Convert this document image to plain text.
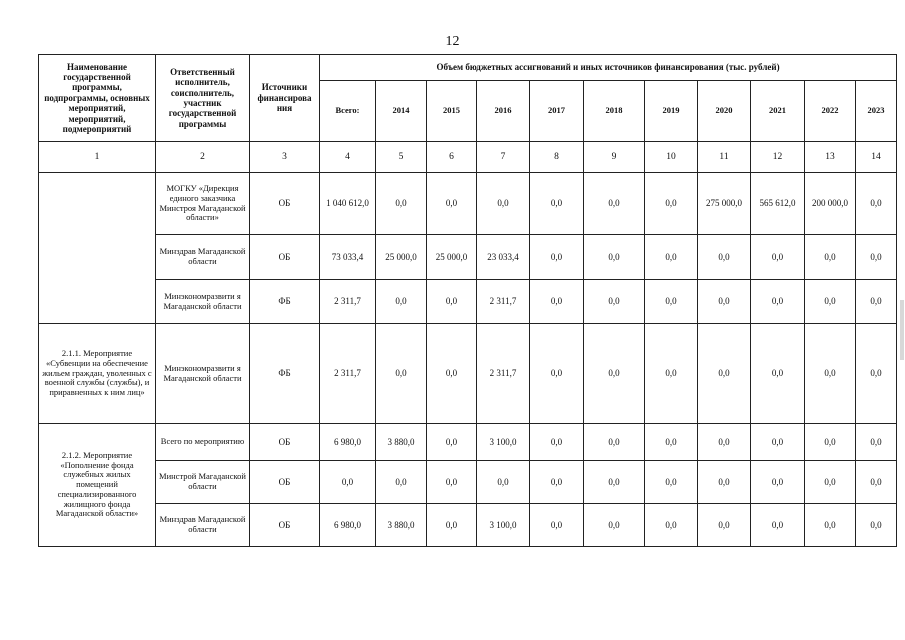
12
Наименование государственной программы, подпрограммы, основных мероприятий, мероприятий, подмероприятий	Ответственный исполнитель, соисполнитель, участник государственной программы	Источники финансирова ния	Объем бюджетных ассигнований и иных источников финансирования (тыс. рублей)										
			Всего:	2014	2015	2016	2017	2018	2019	2020	2021	2022	2023
1	2	3	4	5	6	7	8	9	10	11	12	13	14
	МОГКУ «Дирекция единого заказчика Минстроя Магаданской области»	ОБ	1 040 612,0	0,0	0,0	0,0	0,0	0,0	0,0	275 000,0	565 612,0	200 000,0	0,0
	Минздрав Магаданской области	ОБ	73 033,4	25 000,0	25 000,0	23 033,4	0,0	0,0	0,0	0,0	0,0	0,0	0,0
	Минэкономразвити я Магаданской области	ФБ	2 311,7	0,0	0,0	2 311,7	0,0	0,0	0,0	0,0	0,0	0,0	0,0
2.1.1. Мероприятие «Субвенции на обеспечение жильем граждан, уволенных с военной службы (службы), и приравненных к ним лиц»	Минэкономразвити я Магаданской области	ФБ	2 311,7	0,0	0,0	2 311,7	0,0	0,0	0,0	0,0	0,0	0,0	0,0
2.1.2. Мероприятие «Пополнение фонда служебных жилых помещений специализированного жилищного фонда Магаданской области»	Всего по мероприятию	ОБ	6 980,0	3 880,0	0,0	3 100,0	0,0	0,0	0,0	0,0	0,0	0,0	0,0
	Минстрой Магаданской области	ОБ	0,0	0,0	0,0	0,0	0,0	0,0	0,0	0,0	0,0	0,0	0,0
	Минздрав Магаданской области	ОБ	6 980,0	3 880,0	0,0	3 100,0	0,0	0,0	0,0	0,0	0,0	0,0	0,0
